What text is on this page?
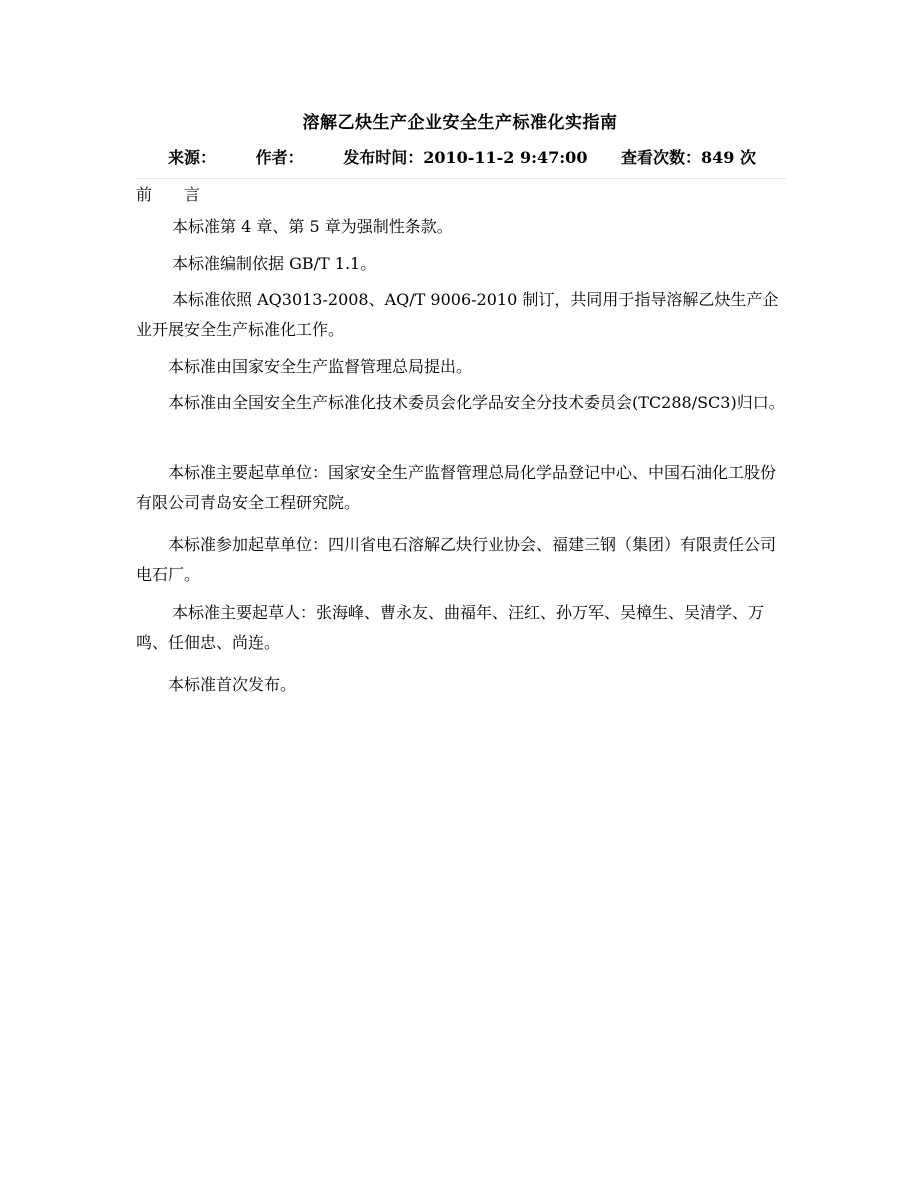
溶解乙炔生产企业安全生产标准化实指南
来源： 作者： 发布时间：2010-11-2 9:47:00 查看次数：849 次
前　　言

本标准第 4 章、第 5 章为强制性条款。

本标准编制依据 GB/T 1.1。

本标准依照 AQ3013-2008、AQ/T 9006-2010 制订，共同用于指导溶解乙炔生产企业开展安全生产标准化工作。

本标准由国家安全生产监督管理总局提出。

本标准由全国安全生产标准化技术委员会化学品安全分技术委员会(TC288/SC3)归口。

本标准主要起草单位：国家安全生产监督管理总局化学品登记中心、中国石油化工股份有限公司青岛安全工程研究院。

本标准参加起草单位：四川省电石溶解乙炔行业协会、福建三钢（集团）有限责任公司电石厂。

本标准主要起草人：张海峰、曹永友、曲福年、汪红、孙万军、吴樟生、吴清学、万鸣、任佃忠、尚连。

本标准首次发布。
